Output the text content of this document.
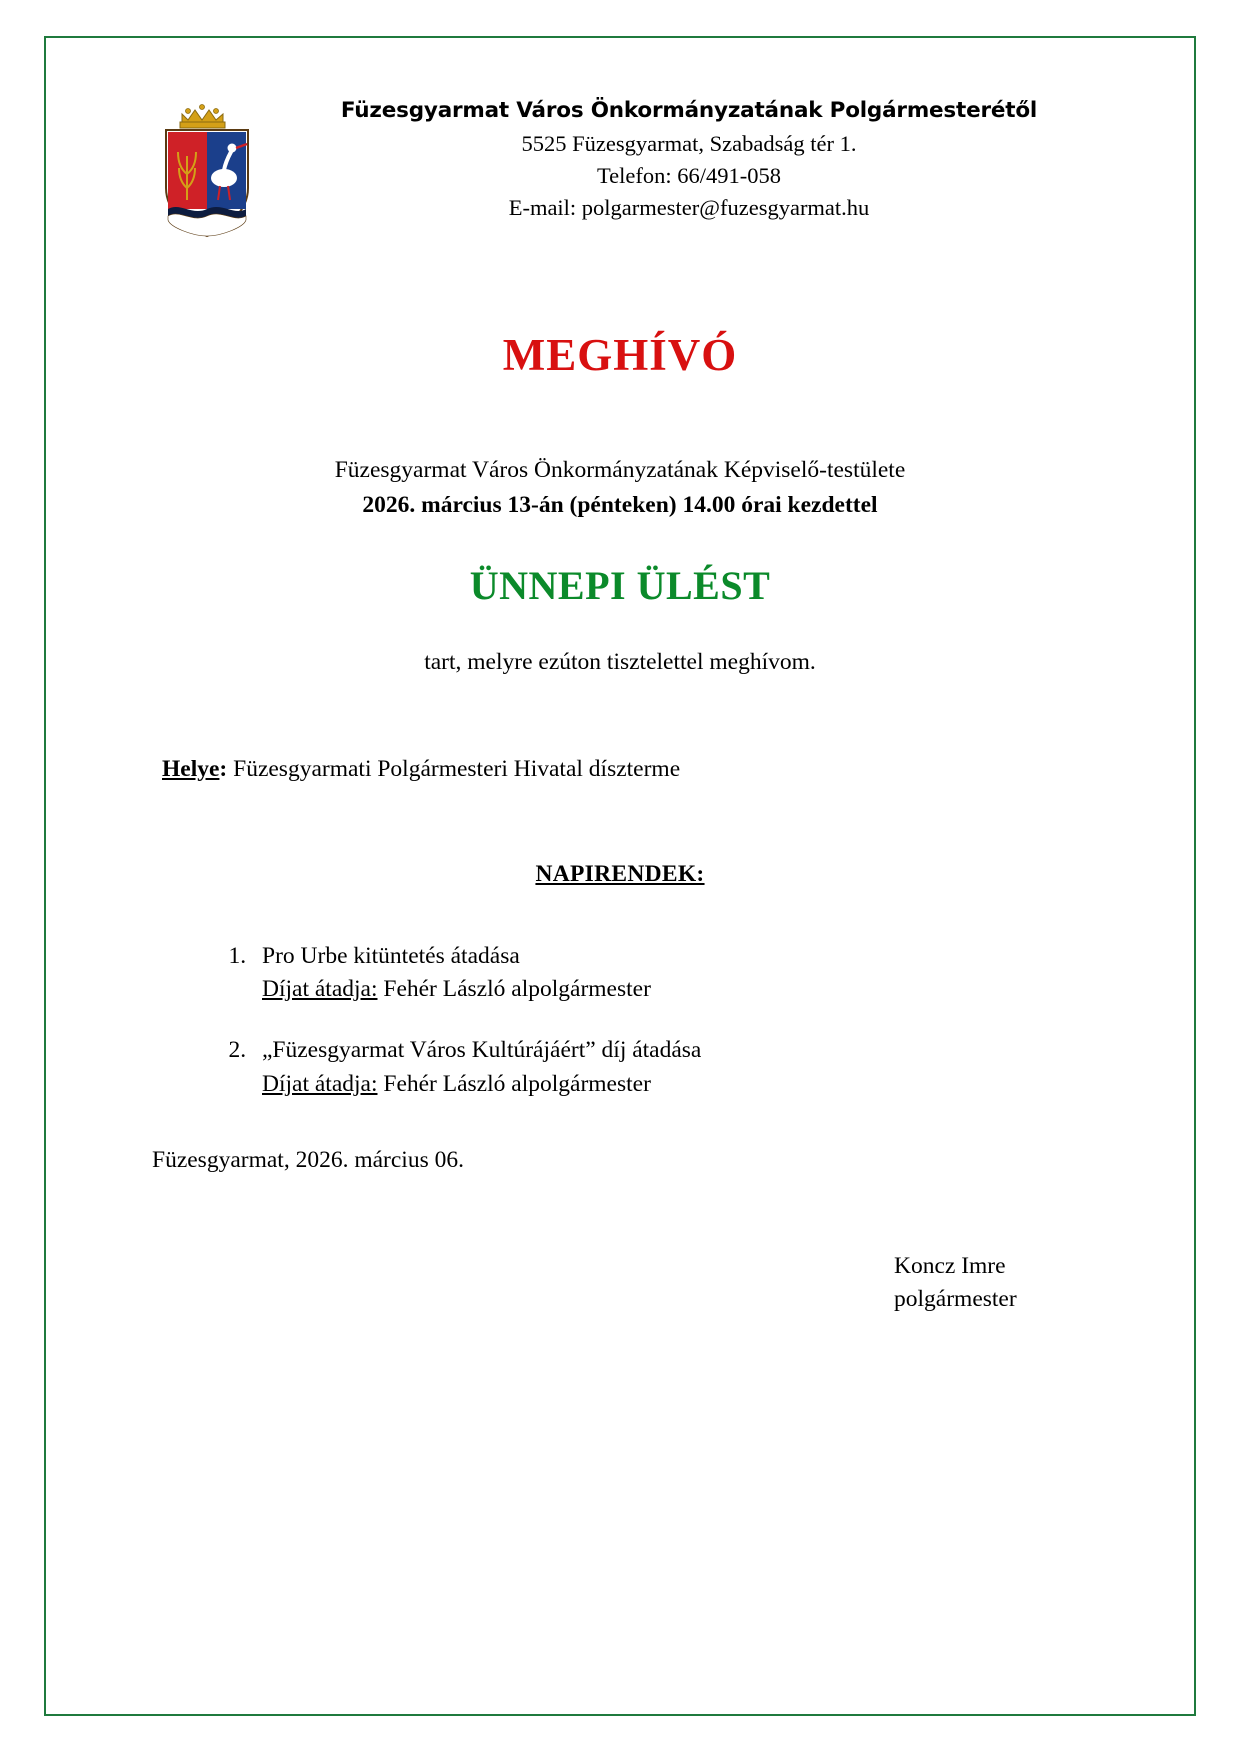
Füzesgyarmat Város Önkormányzatának Polgármesterétől
5525 Füzesgyarmat, Szabadság tér 1.
Telefon: 66/491-058
E-mail: polgarmester@fuzesgyarmat.hu
MEGHÍVÓ
Füzesgyarmat Város Önkormányzatának Képviselő-testülete
2026. március 13-án (pénteken) 14.00 órai kezdettel
ÜNNEPI ÜLÉST
tart, melyre ezúton tisztelettel meghívom.
Helye: Füzesgyarmati Polgármesteri Hivatal díszterme
NAPIRENDEK:
1. Pro Urbe kitüntetés átadása
Díjat átadja: Fehér László alpolgármester
2. „Füzesgyarmat Város Kultúrájáért” díj átadása
Díjat átadja: Fehér László alpolgármester
Füzesgyarmat, 2026. március 06.
Koncz Imre
polgármester
